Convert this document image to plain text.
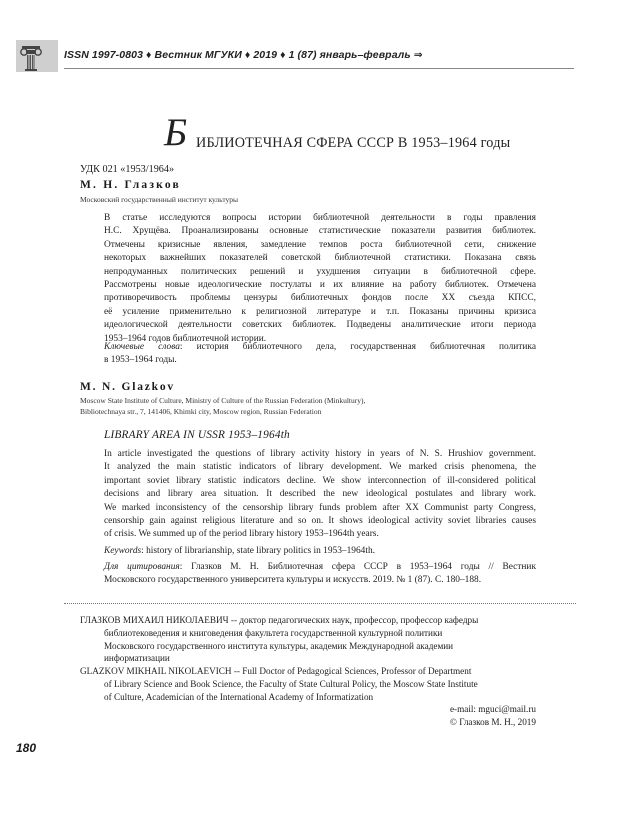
ISSN 1997-0803 ♦ Вестник МГУКИ ♦ 2019 ♦ 1 (87) январь–февраль ⇒
Б ИБЛИОТЕЧНАЯ СФЕРА СССР В 1953–1964 годы
УДК 021 «1953/1964»
М. Н. Глазков
Московский государственный институт культуры
В статье исследуются вопросы истории библиотечной деятельности в годы правления
Н.С. Хрущёва. Проанализированы основные статистические показатели развития библиотек.
Отмечены кризисные явления, замедление темпов роста библиотечной сети, снижение
некоторых важнейших показателей советской библиотечной статистики. Показана связь
непродуманных политических решений и ухудшения ситуации в библиотечной сфере.
Рассмотрены новые идеологические постулаты и их влияние на работу библиотек. Отмечена
противоречивость проблемы цензуры библиотечных фондов после XX съезда КПСС,
её усиление применительно к религиозной литературе и т.п. Показаны причины кризиса
идеологической деятельности советских библиотек. Подведены аналитические итоги периода
1953–1964 годов библиотечной истории.
Ключевые слова: история библиотечного дела, государственная библиотечная политика
в 1953–1964 годы.
M. N. Glazkov
Moscow State Institute of Culture, Ministry of Culture of the Russian Federation (Minkultury),
Bibliotechnaya str., 7, 141406, Khimki city, Moscow region, Russian Federation
LIBRARY AREA IN USSR 1953–1964th
In article investigated the questions of library activity history in years of N. S. Hrushiov government.
It analyzed the main statistic indicators of library development. We marked crisis phenomena, the
important soviet library statistic indicators decline. We show interconnection of ill-considered political
decisions and library area situation. It described the new ideological postulates and library work.
We marked inconsistency of the censorship library funds problem after XX Communist party Congress,
censorship gain against religious literature and so on. It shows ideological activity soviet libraries causes
of crisis. We summed up of the period library history 1953–1964th years.
Keywords: history of librarianship, state library politics in 1953–1964th.
Для цитирования: Глазков М. Н. Библиотечная сфера СССР в 1953–1964 годы // Вестник
Московского государственного университета культуры и искусств. 2019. № 1 (87). С. 180–188.
ГЛАЗКОВ МИХАИЛ НИКОЛАЕВИЧ -- доктор педагогических наук, профессор, профессор кафедры
библиотековедения и книговедения факультета государственной культурной политики
Московского государственного института культуры, академик Международной академии
информатизации
GLAZKOV MIKHAIL NIKOLAEVICH -- Full Doctor of Pedagogical Sciences, Professor of Department
of Library Science and Book Science, the Faculty of State Cultural Policy, the Moscow State Institute
of Culture, Academician of the International Academy of Informatization
e-mail: mguci@mail.ru
© Глазков М. Н., 2019
180
